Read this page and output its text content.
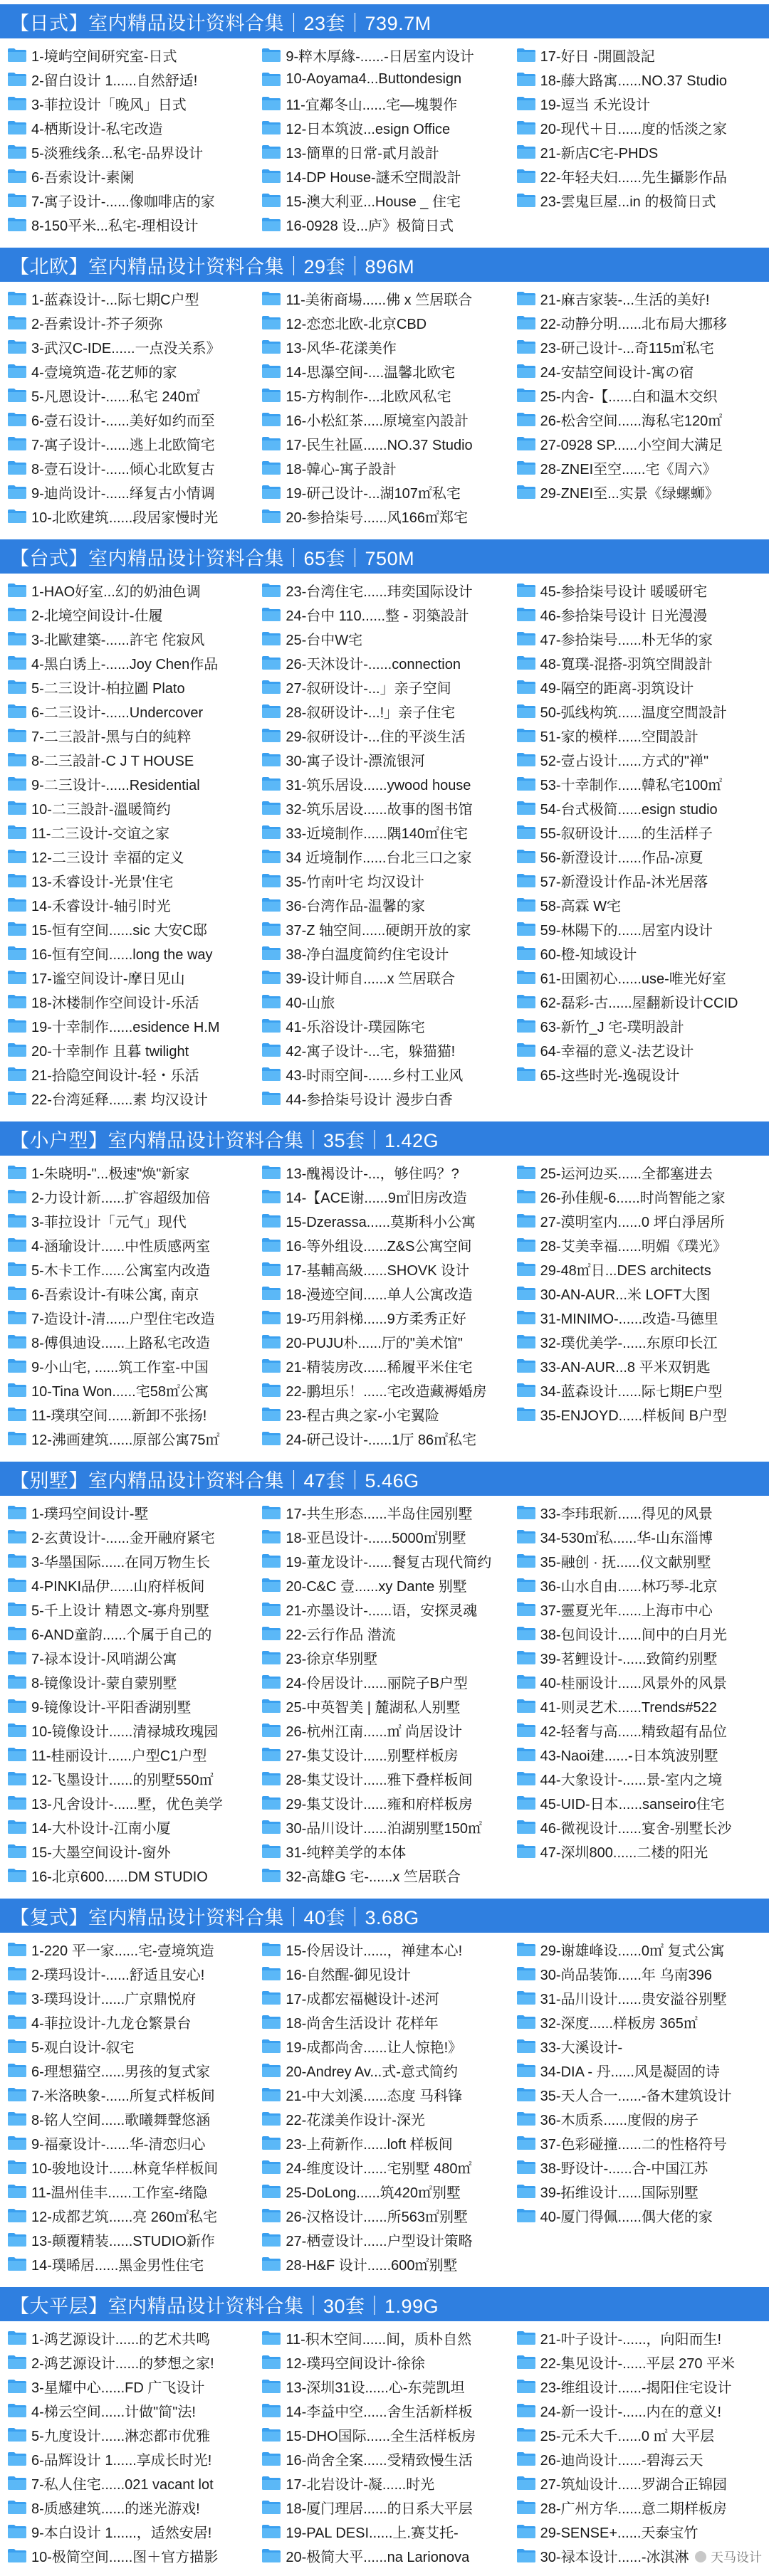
【日式】室内精品设计资料合集｜23套｜739.7M
1-境屿空间研究室-日式
2-留白设计 1......自然舒适!
3-菲拉设计「晚风」日式
4-栖斯设计-私宅改造
5-淡雅线条...私宅-品界设计
6-吾索设计-素阑
7-寓子设计-......像咖啡店的家
8-150平米...私宅-理相设计
9-粹木厚緣-......-日居室内设计
10-Aoyama4...Buttondesign
11-宜鄰冬山......宅—塊製作
12-日本筑波...esign Office
13-簡單的日常-貳月設計
14-DP House-謎禾空間設計
15-澳大利亚...House _ 住宅
16-0928 设...庐》极简日式
17-好日 -開圓設記
18-藤大路寓......NO.37 Studio
19-逗当 禾光设计
20-现代＋日......度的恬淡之家
21-新店C宅-PHDS
22-年轻夫妇......先生攝影作品
23-雲鬼巨屋...in 的极简日式
【北欧】室内精品设计资料合集｜29套｜896M
1-蓝森设计-...际七期C户型
2-吾索设计-芥子须弥
3-武汉C-IDE......一点没关系》
4-壹境筑造-花艺师的家
5-凡恩设计-......私宅 240㎡
6-壹石设计-......美好如约而至
7-寓子设计-......逃上北欧简宅
8-壹石设计-......倾心北欧复古
9-迪尚设计-......绎复古小情调
10-北欧建筑......段居家慢时光
11-美術商場......佛 x 竺居联合
12-恋恋北欧-北京CBD
13-风华-花漾美作
14-思瀑空间-....温馨北欧宅
15-方构制作-...北欧风私宅
16-小松紅茶.....原境室內設計
17-民生社區......NO.37 Studio
18-韓心-寓子設計
19-研己设计-...湖107㎡私宅
20-参拾柒号......风166㎡郑宅
21-麻吉家装-...生活的美好!
22-动静分明......北布局大挪移
23-研己设计-...奇115㎡私宅
24-安喆空间设计-寓の宿
25-内舍-【......白和温木交织
26-松舍空间......海私宅120㎡
27-0928 SP......小空间大满足
28-ZNEI至空......宅《周六》
29-ZNEI至...实景《绿螺蛳》
【台式】室内精品设计资料合集｜65套｜750M
1-HAO好室...幻的奶油色调
2-北境空间设计-仕履
3-北歐建築-......許宅 侘寂风
4-黑白诱上-......Joy Chen作品
5-二三设计-柏拉圖 Plato
6-二三设计-......Undercover
7-二三設計-黑与白的純粹
8-二三設計-C J T HOUSE
9-二三设计-......Residential
10-二三設計-溫暖简约
11-二三设计-交谊之家
12-二三设计 幸福的定义
13-禾睿设计-光景'住宅
14-禾睿设计-轴引时光
15-恒有空间......sic 大安C邸
16-恒有空间......long the way
17-谧空间设计-摩日见山
18-沐楼制作空间设计-乐活
19-十幸制作......esidence H.M
20-十幸制作 且暮 twilight
21-拾隐空间设计-轻・乐活
22-台湾延释......素 均汉设计
23-台湾住宅......玮奕国际设计
24-台中 110......整 - 羽築設計
25-台中W宅
26-天沐设计-......connection
27-叙研设计-...」亲子空间
28-叙研设计-...!」亲子住宅
29-叙研设计-...住的平淡生活
30-寓子设计-漂流银河
31-筑乐居设......ywood house
32-筑乐居设......故事的图书馆
33-近境制作......隅140㎡住宅
34 近境制作......台北三口之家
35-竹南叶宅 均汉设计
36-台湾作品-温馨的家
37-Z 轴空间......硬朗开放的家
38-净白温度简约住宅设计
39-设计师自......x 竺居联合
40-山旅
41-乐浴设计-璞园陈宅
42-寓子设计-...宅，躲猫猫!
43-时雨空间-......乡村工业风
44-参拾柒号设计 漫步白香
45-参拾柒号设计 暖暖研宅
46-参拾柒号设计 日光漫漫
47-参拾柒号......朴无华的家
48-寬璞-混搭-羽筑空間設計
49-隔空的距离-羽筑设计
50-弧线构筑......温度空間設計
51-家的模样......空間設計
52-壹占设计......方式的"禅"
53-十幸制作......韓私宅100㎡
54-台式极简......esign studio
55-叙研设计......的生活样子
56-新澄设计......作品-凉夏
57-新澄设计作品-沐光居落
58-高霖 W宅
59-林陽下的......居室内设计
60-橙-知域设计
61-田園初心......use-唯光好室
62-磊彩-古......屋翻新设计CCID
63-新竹_J 宅-璞明設計
64-幸福的意义-法艺设计
65-这些时光-逸硯设计
【小户型】室内精品设计资料合集｜35套｜1.42G
1-朱晓明-"...极速"焕"新家
2-力设计新......扩容超级加倍
3-菲拉设计「元气」现代
4-涵瑜设计......中性质感两室
5-木卡工作......公寓室内改造
6-吾索设计-有味公寓, 南京
7-造设计-清......户型住宅改造
8-傅俱迪设......上路私宅改造
9-小山宅, ......筑工作室-中国
10-Tina Won......宅58㎡公寓
11-璞琪空间......新卸不张扬!
12-沸画建筑......原部公寓75㎡
13-醜褐设计-...，够住吗？?
14-【ACE谢......9㎡旧房改造
15-Dzerassa......莫斯科小公寓
16-等外组设......Z&S公寓空间
17-基輔高級......SHOVK 设计
18-漫迹空间......单人公寓改造
19-巧用斜梯......9方柔秀正好
20-PUJU朴......厅的"美术馆"
21-精装房改......稀履平米住宅
22-鹏坦乐！......宅改造藏褥婚房
23-程古典之家-小宅翼险
24-研己设计-......1厅 86㎡私宅
25-运河边买......全都塞进去
26-孙佳舰-6......时尚智能之家
27-漠明室内......0 坪白淨居所
28-艾美幸福......明媚《璞光》
29-48㎡日...DES architects
30-AN-AUR...米 LOFT大图
31-MINIMO-......改造-马德里
32-璞优美学-......东原印长江
33-AN-AUR...8 平米双钥匙
34-蓝森设计......际七期E户型
35-ENJOYD......样板间 B户型
【别墅】室内精品设计资料合集｜47套｜5.46G
1-璞玛空间设计-墅
2-玄黄设计-......金开融府紧宅
3-华墨国际......在同万物生长
4-PINKI品伊......山府样板间
5-千上设计 精恩文-寡舟别墅
6-AND童韵......个属于自己的
7-禄本设计-风哨湖公寓
8-镜像设计-蒙自蒙别墅
9-镜像设计-平阳香湖别墅
10-镜像设计......清禄城玫瑰园
11-桂丽设计......户型C1户型
12-飞墨设计......的别墅550㎡
13-凡舍设计-......墅，优色美学
14-大朴设计-江南小厦
15-大墨空间设计-窗外
16-北京600......DM STUDIO
17-共生形态......半岛住园别墅
18-亚邑设计-......5000㎡别墅
19-董龙设计-......餐复古现代简约
20-C&C 壹......xy Dante 别墅
21-亦墨设计-......语，安探灵魂
22-云行作品 潜流
23-徐京华别墅
24-伶居设计......丽院子B户型
25-中英智美 | 麓湖私人别墅
26-杭州江南......㎡ 尚居设计
27-集艾设计......别墅样板房
28-集艾设计......雅下叠样板间
29-集艾设计......雍和府样板房
30-品川设计......泊湖别墅150㎡
31-纯粹美学的本体
32-高雄G 宅-......x 竺居联合
33-李玮珉新......得见的风景
34-530㎡私......华-山东淄博
35-融创 · 抚......仪文献别墅
36-山水自由......林巧琴-北京
37-靈夏光年......上海市中心
38-包间设计......间中的白月光
39-茗鲤设计-......致简约别墅
40-桂丽设计......风景外的风景
41-则灵艺术......Trends#522
42-轻奢与高......精致超有品位
43-Naoi建......-日本筑波别墅
44-大象设计-......景-室内之境
45-UID-日本......sanseiro住宅
46-微视设计......宴舍-别墅长沙
47-深圳800......二楼的阳光
【复式】室内精品设计资料合集｜40套｜3.68G
1-220 平一家......宅-壹境筑造
2-璞玛设计-......舒适且安心!
3-璞玛设计......广京鼎悦府
4-菲拉设计-九龙仓繁景台
5-观白设计-叙宅
6-理想猫空......男孩的复式家
7-米洛映象-......所复式样板间
8-铭人空间......歌曦舞聲悠涵
9-福豪设计-......华-清恋归心
10-骏地设计......林竟华样板间
11-温州佳丰......工作室-绪隐
12-成都艺筑......亮 260㎡私宅
13-颠覆精装......STUDIO新作
14-璞晞居......黑金男性住宅
15-伶居设计......，禅建本心!
16-自然醒-御见设计
17-成都宏福樾设计-述河
18-尚舍生活设计 花样年
19-成都尚舍......让人惊艳!》
20-Andrey Av...式-意式简约
21-中大刘溪......态度 马科锋
22-花漾美作设计-深光
23-上荷新作......loft 样板间
24-维度设计......宅别墅 480㎡
25-DoLong......筑420㎡别墅
26-汉格设计......所563㎡别墅
27-栖壹设计......户型设计策略
28-H&F 设计......600㎡别墅
29-谢雄峰设......0㎡ 复式公寓
30-尚品装饰......年 乌南396
31-品川设计......贵安溢谷别墅
32-深度......样板房 365㎡
33-大溪设计-
34-DIA - 丹......风是凝固的诗
35-天人合一......-备木建筑设计
36-木质系......度假的房子
37-色彩碰撞......二的性格符号
38-野设计-......合-中国江苏
39-拓维设计......国际别墅
40-厦门得佩......偶大佬的家
【大平层】室内精品设计资料合集｜30套｜1.99G
1-鸿艺源设计......的艺术共鸣
2-鸿艺源设计......的梦想之家!
3-星耀中心......FD 广飞设计
4-梯云空间......计做"简"法!
5-九度设计......淋恋都市优雅
6-品辉设计 1......享成长时光!
7-私人住宅......021 vacant lot
8-质感建筑......的迷光游戏!
9-本白设计 1......，适然安居!
10-极简空间......图＋官方描影
11-积木空间......间，质朴自然
12-璞玛空间设计-徐徐
13-深圳31设......心-东莞凯坦
14-李益中空......舍生活新样板
15-DHO国际......全生活样板房
16-尚舍全案......受精致慢生活
17-北岩设计-凝......时光
18-厦门理居......的日系大平层
19-PAL DESI......上.赛艾托-
20-极简大平......na Larionova
21-叶子设计-......，向阳而生!
22-集见设计-......平层 270 平米
23-维组设计......-揭阳住宅设计
24-新一设计-......内在的意义!
25-元禾大千......0 ㎡ 大平层
26-迪尚设计......-碧海云天
27-筑灿设计......罗湖合正锦园
28-广州方华......意二期样板房
29-SENSE+......天泰宝竹
30-禄本设计......-冰淇淋 天马设计
